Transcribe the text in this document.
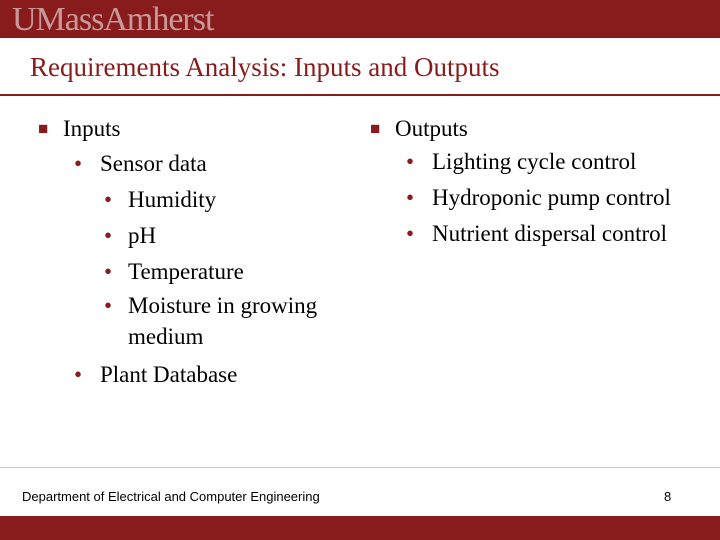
UMassAmherst
Requirements Analysis: Inputs and Outputs
■ Inputs
• Sensor data
• Humidity
• pH
• Temperature
• Moisture in growing medium
• Plant Database
■ Outputs
• Lighting cycle control
• Hydroponic pump control
• Nutrient dispersal control
Department of Electrical and Computer Engineering	8
